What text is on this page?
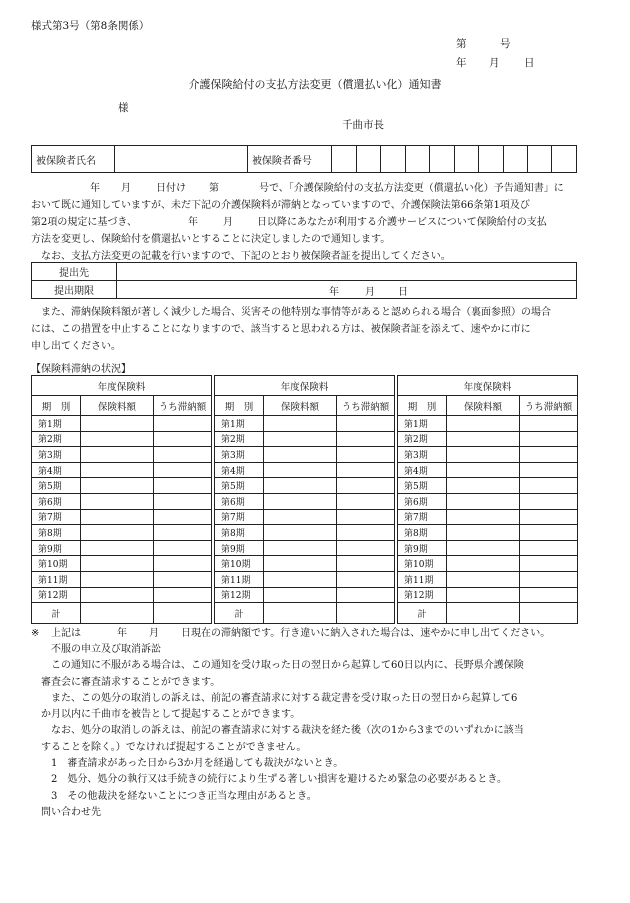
様式第3号（第8条関係）
第	号
年 月 日
介護保険給付の支払方法変更（償還払い化）通知書
様
千曲市長
被保険者氏名		被保険者番号										
年 月	日付け 第	号で、「介護保険給付の支払方法変更（償還払い化）予告通知書」に
おいて既に通知していますが、未だ下記の介護保険料が滞納となっていますので、介護保険法第66条第1項及び
第2項の規定に基づき、	年	月 日以降にあなたが利用する介護サービスについて保険給付の支払
方法を変更し、保険給付を償還払いとすることに決定しましたので通知します。
なお、支払方法変更の記載を行いますので、下記のとおり被保険者証を提出してください。
提出先	
提出期限	年 月 日
また、滞納保険料額が著しく減少した場合、災害その他特別な事情等があると認められる場合（裏面参照）の場合
には、この措置を中止することになりますので、該当すると思われる方は、被保険者証を添えて、速やかに市に
申し出てください。
【保険料滞納の状況】
年度保険料		
期　別	保険料額	うち滞納額
第1期		
第2期		
第3期		
第4期		
第5期		
第6期		
第7期		
第8期		
第9期		
第10期		
第11期		
第12期		
計		
年度保険料		
期　別	保険料額	うち滞納額
第1期		
第2期		
第3期		
第4期		
第5期		
第6期		
第7期		
第8期		
第9期		
第10期		
第11期		
第12期		
計		
年度保険料		
期　別	保険料額	うち滞納額
第1期		
第2期		
第3期		
第4期		
第5期		
第6期		
第7期		
第8期		
第9期		
第10期		
第11期		
第12期		
計		
※ 上記は	年 月 日現在の滞納額です。行き違いに納入された場合は、速やかに申し出てください。
不服の申立及び取消訴訟
この通知に不服がある場合は、この通知を受け取った日の翌日から起算して60日以内に、長野県介護保険
審査会に審査請求することができます。
また、この処分の取消しの訴えは、前記の審査請求に対する裁定書を受け取った日の翌日から起算して6
か月以内に千曲市を被告として提起することができます。
なお、処分の取消しの訴えは、前記の審査請求に対する裁決を経た後（次の1から3までのいずれかに該当
することを除く。）でなければ提起することができません。
1　審査請求があった日から3か月を経過しても裁決がないとき。
2　処分、処分の執行又は手続きの続行により生ずる著しい損害を避けるため緊急の必要があるとき。
3　その他裁決を経ないことにつき正当な理由があるとき。
問い合わせ先
